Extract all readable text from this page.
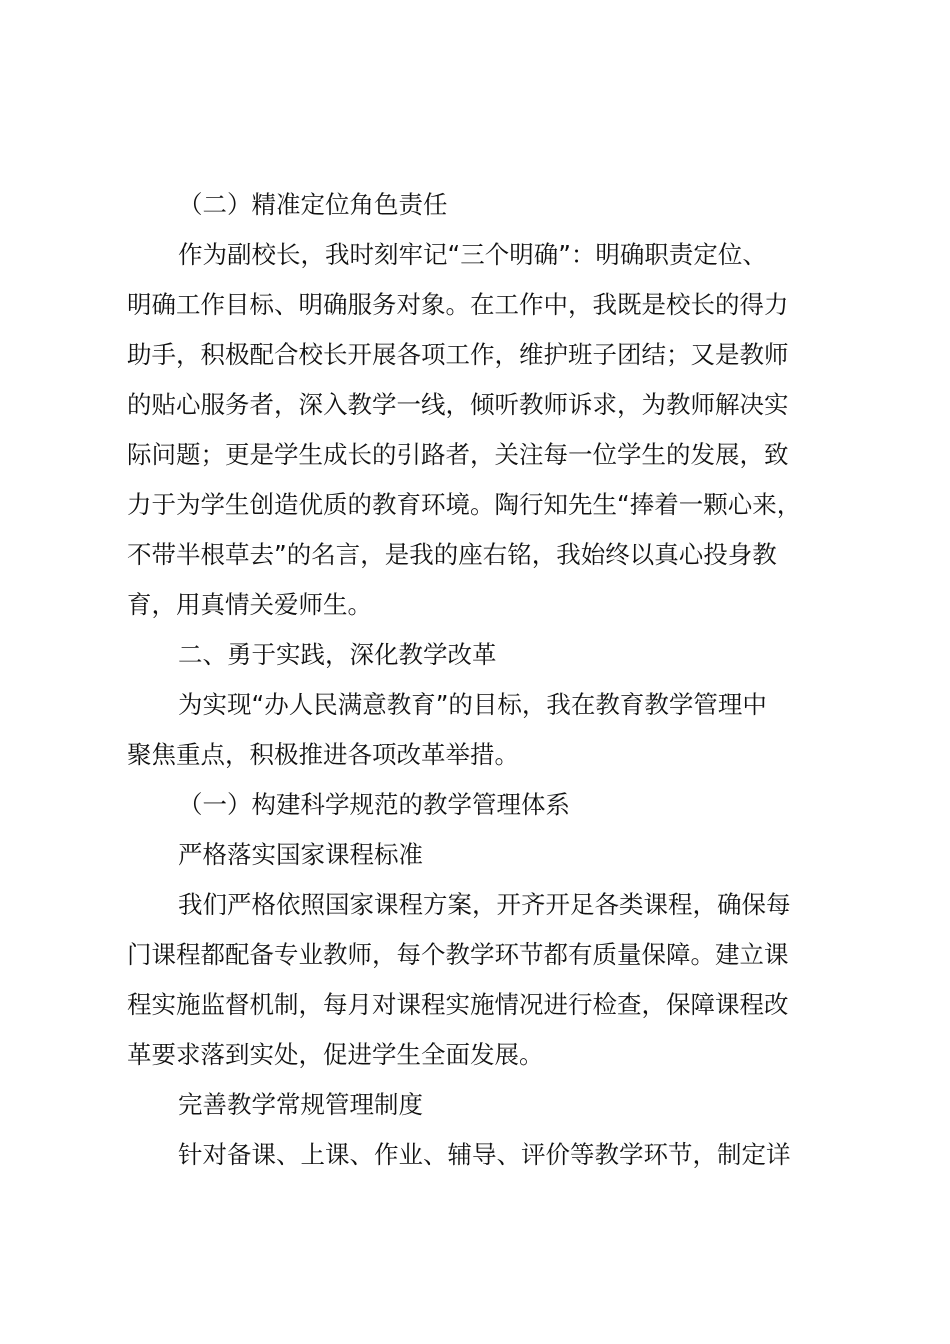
（二）精准定位角色责任
作为副校长，我时刻牢记“三个明确”：明确职责定位、
明确工作目标、明确服务对象。在工作中，我既是校长的得力
助手，积极配合校长开展各项工作，维护班子团结；又是教师
的贴心服务者，深入教学一线，倾听教师诉求，为教师解决实
际问题；更是学生成长的引路者，关注每一位学生的发展，致
力于为学生创造优质的教育环境。陶行知先生“捧着一颗心来，
不带半根草去”的名言，是我的座右铭，我始终以真心投身教
育，用真情关爱师生。
二、勇于实践，深化教学改革
为实现“办人民满意教育”的目标，我在教育教学管理中
聚焦重点，积极推进各项改革举措。
（一）构建科学规范的教学管理体系
严格落实国家课程标准
我们严格依照国家课程方案，开齐开足各类课程，确保每
门课程都配备专业教师，每个教学环节都有质量保障。建立课
程实施监督机制，每月对课程实施情况进行检查，保障课程改
革要求落到实处，促进学生全面发展。
完善教学常规管理制度
针对备课、上课、作业、辅导、评价等教学环节，制定详
